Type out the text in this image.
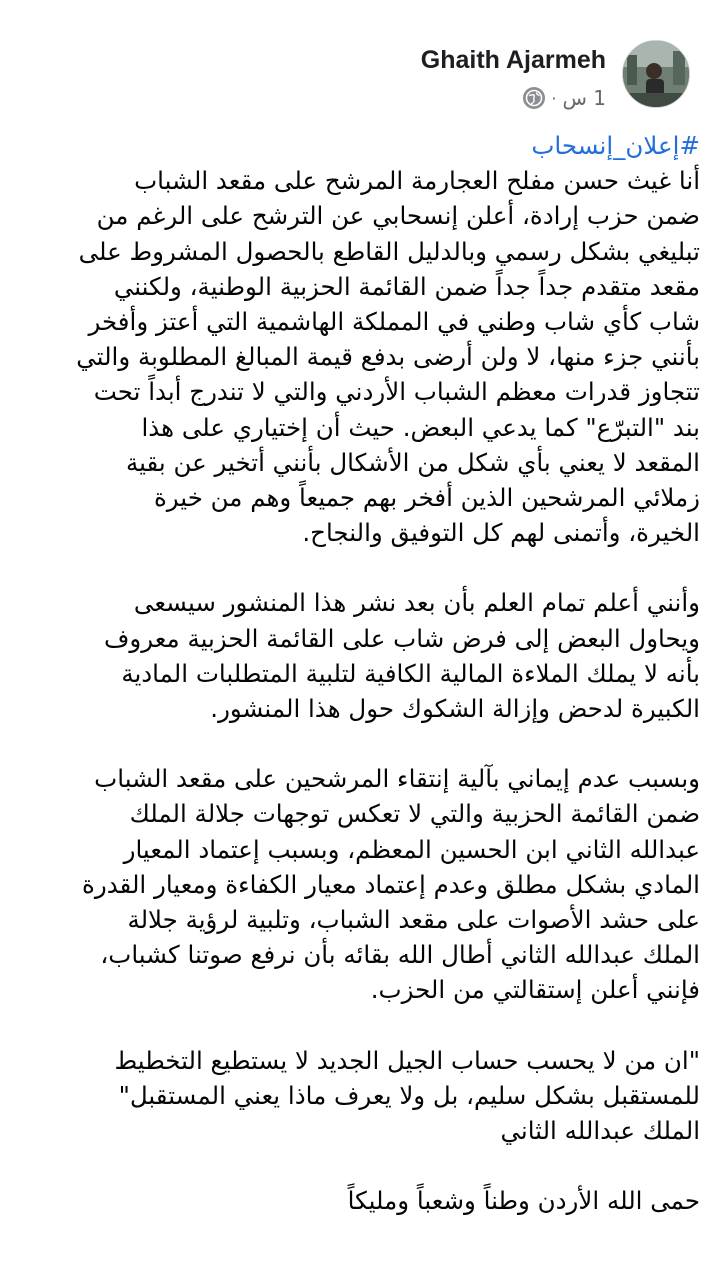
Ghaith Ajarmeh
1 س
·
#إعلان_إنسحاب
أنا غيث حسن مفلح العجارمة المرشح على مقعد الشباب
ضمن حزب إرادة، أعلن إنسحابي عن الترشح على الرغم من
تبليغي بشكل رسمي وبالدليل القاطع بالحصول المشروط على
مقعد متقدم جداً جداً ضمن القائمة الحزبية الوطنية، ولكنني
شاب كأي شاب وطني في المملكة الهاشمية التي أعتز وأفخر
بأنني جزء منها، لا ولن أرضى بدفع قيمة المبالغ المطلوبة والتي
تتجاوز قدرات معظم الشباب الأردني والتي لا تندرج أبداً تحت
بند "التبرّع" كما يدعي البعض. حيث أن إختياري على هذا
المقعد لا يعني بأي شكل من الأشكال بأنني أتخير عن بقية
زملائي المرشحين الذين أفخر بهم جميعاً وهم من خيرة
الخيرة، وأتمنى لهم كل التوفيق والنجاح.
وأنني أعلم تمام العلم بأن بعد نشر هذا المنشور سيسعى
ويحاول البعض إلى فرض شاب على القائمة الحزبية معروف
بأنه لا يملك الملاءة المالية الكافية لتلبية المتطلبات المادية
الكبيرة لدحض وإزالة الشكوك حول هذا المنشور.
وبسبب عدم إيماني بآلية إنتقاء المرشحين على مقعد الشباب
ضمن القائمة الحزبية والتي لا تعكس توجهات جلالة الملك
عبدالله الثاني ابن الحسين المعظم، وبسبب إعتماد المعيار
المادي بشكل مطلق وعدم إعتماد معيار الكفاءة ومعيار القدرة
على حشد الأصوات على مقعد الشباب، وتلبية لرؤية جلالة
الملك عبدالله الثاني أطال الله بقائه بأن نرفع صوتنا كشباب،
فإنني أعلن إستقالتي من الحزب.
"ان من لا يحسب حساب الجيل الجديد لا يستطيع التخطيط
للمستقبل بشكل سليم، بل ولا يعرف ماذا يعني المستقبل"
الملك عبدالله الثاني
حمى الله الأردن وطناً وشعباً ومليكاً
